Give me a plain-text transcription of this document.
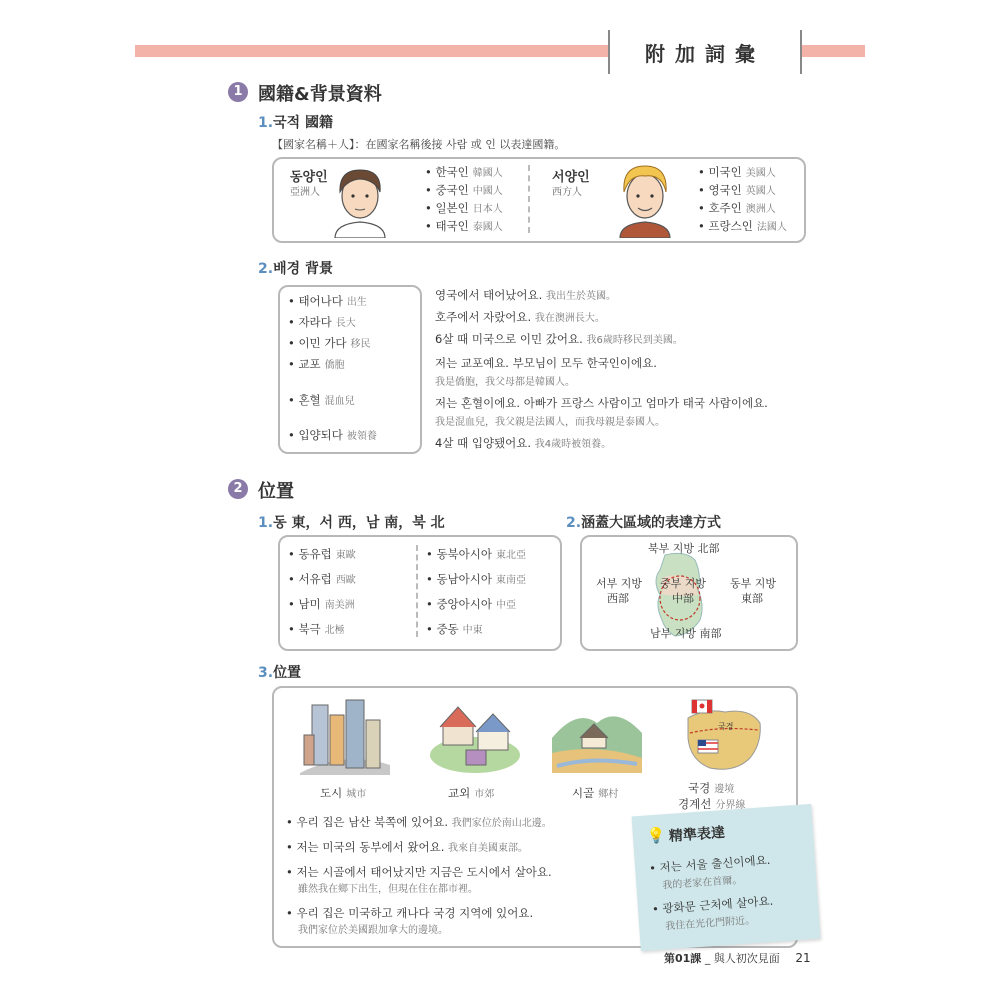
附加詞彙
1 國籍&背景資料
1.국적 國籍
【國家名稱＋人】：在國家名稱後接 사람 或 인 以表達國籍。
동양인
亞洲人
• 한국인 韓國人
• 중국인 中國人
• 일본인 日本人
• 태국인 泰國人
서양인
西方人
• 미국인 美國人
• 영국인 英國人
• 호주인 澳洲人
• 프랑스인 法國人
2.배경 背景
• 태어나다 出生
• 자라다 長大
• 이민 가다 移民
• 교포 僑胞
• 혼혈 混血兒
• 입양되다 被領養
영국에서 태어났어요. 我出生於英國。
호주에서 자랐어요. 我在澳洲長大。
6살 때 미국으로 이민 갔어요. 我6歲時移民到美國。
저는 교포예요. 부모님이 모두 한국인이에요.
我是僑胞，我父母都是韓國人。
저는 혼혈이에요. 아빠가 프랑스 사람이고 엄마가 태국 사람이에요.
我是混血兒，我父親是法國人，而我母親是泰國人。
4살 때 입양됐어요. 我4歲時被領養。
2 位置
1.동 東，서 西，남 南，북 北
• 동유럽 東歐
• 서유럽 西歐
• 남미 南美洲
• 북극 北極
• 동북아시아 東北亞
• 동남아시아 東南亞
• 중앙아시아 中亞
• 중동 中東
2.涵蓋大區域的表達方式
북부 지방 北部
서부 지방
西部
중부 지방
中部
동부 지방
東部
남부 지방 南部
3.位置
국경
도시 城市	교외 市郊	시골 鄉村	국경 邊境
경계선 分界線
• 우리 집은 남산 북쪽에 있어요. 我們家位於南山北邊。
• 저는 미국의 동부에서 왔어요. 我來自美國東部。
• 저는 시골에서 태어났지만 지금은 도시에서 살아요.
雖然我在鄉下出生，但現在住在都市裡。
• 우리 집은 미국하고 캐나다 국경 지역에 있어요.
我們家位於美國跟加拿大的邊境。
💡 精準表達
• 저는 서울 출신이에요.
我的老家在首爾。
• 광화문 근처에 살아요.
我住在光化門附近。
第01課 _ 與人初次見面 21
